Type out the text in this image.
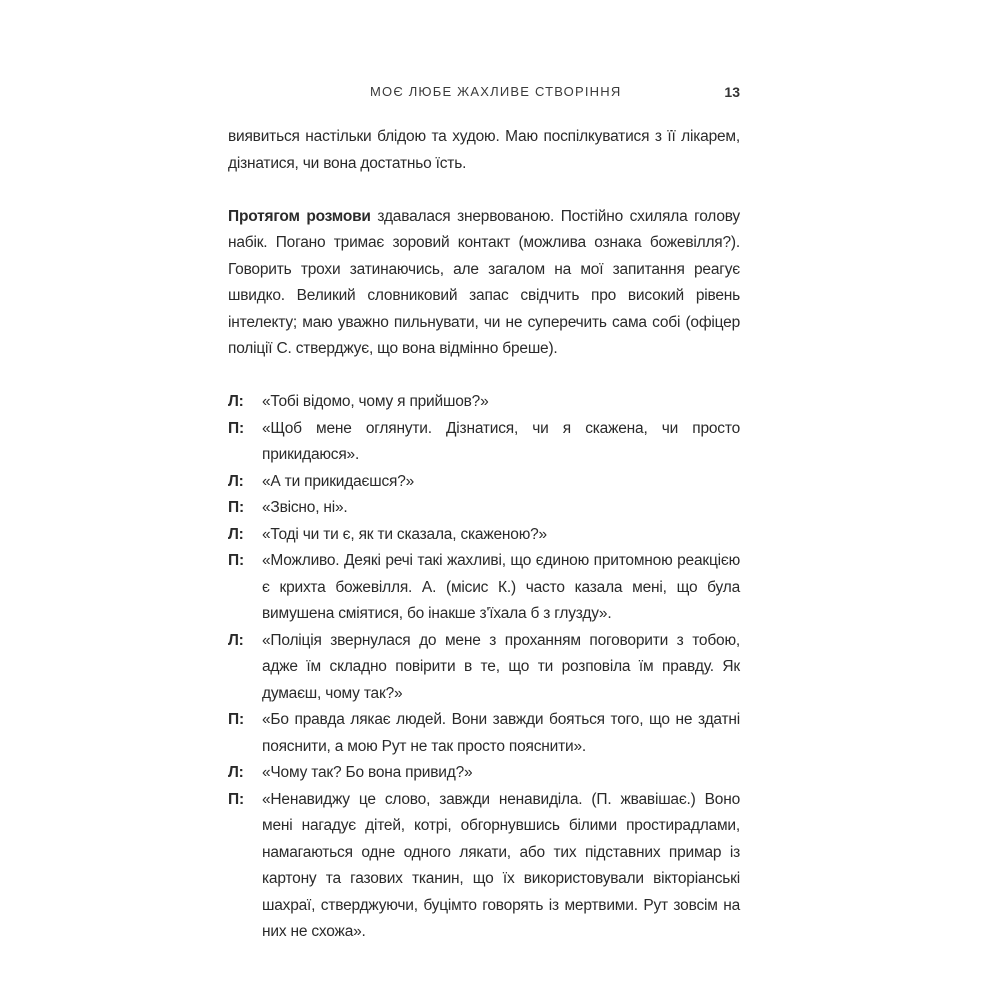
МОЄ ЛЮБЕ ЖАХЛИВЕ СТВОРІННЯ	13

виявиться настільки блідою та худою. Маю поспілкуватися з її лікарем, дізнатися, чи вона достатньо їсть.

Протягом розмови здавалася знервованою. Постійно схиляла голову набік. Погано тримає зоровий контакт (можлива ознака божевілля?). Говорить трохи затинаючись, але загалом на мої запитання реагує швидко. Великий словниковий запас свідчить про високий рівень інтелекту; маю уважно пильнувати, чи не суперечить сама собі (офіцер поліції С. стверджує, що вона відмінно бреше).

Л:	«Тобі відомо, чому я прийшов?»
П:	«Щоб мене оглянути. Дізнатися, чи я скажена, чи просто прикидаюся».
Л:	«А ти прикидаєшся?»
П:	«Звісно, ні».
Л:	«Тоді чи ти є, як ти сказала, скаженою?»
П:	«Можливо. Деякі речі такі жахливі, що єдиною притомною реакцією є крихта божевілля. А. (місис К.) часто казала мені, що була вимушена сміятися, бо інакше з'їхала б з глузду».
Л:	«Поліція звернулася до мене з проханням поговорити з тобою, адже їм складно повірити в те, що ти розповіла їм правду. Як думаєш, чому так?»
П:	«Бо правда лякає людей. Вони завжди бояться того, що не здатні пояснити, а мою Рут не так просто пояснити».
Л:	«Чому так? Бо вона привид?»
П:	«Ненавиджу це слово, завжди ненавиділа. (П. жвавішає.) Воно мені нагадує дітей, котрі, обгорнувшись білими простирадлами, намагаються одне одного лякати, або тих підставних примар із картону та газових тканин, що їх використовували вікторіанські шахраї, стверджуючи, буцімто говорять із мертвими. Рут зовсім на них не схожа».
